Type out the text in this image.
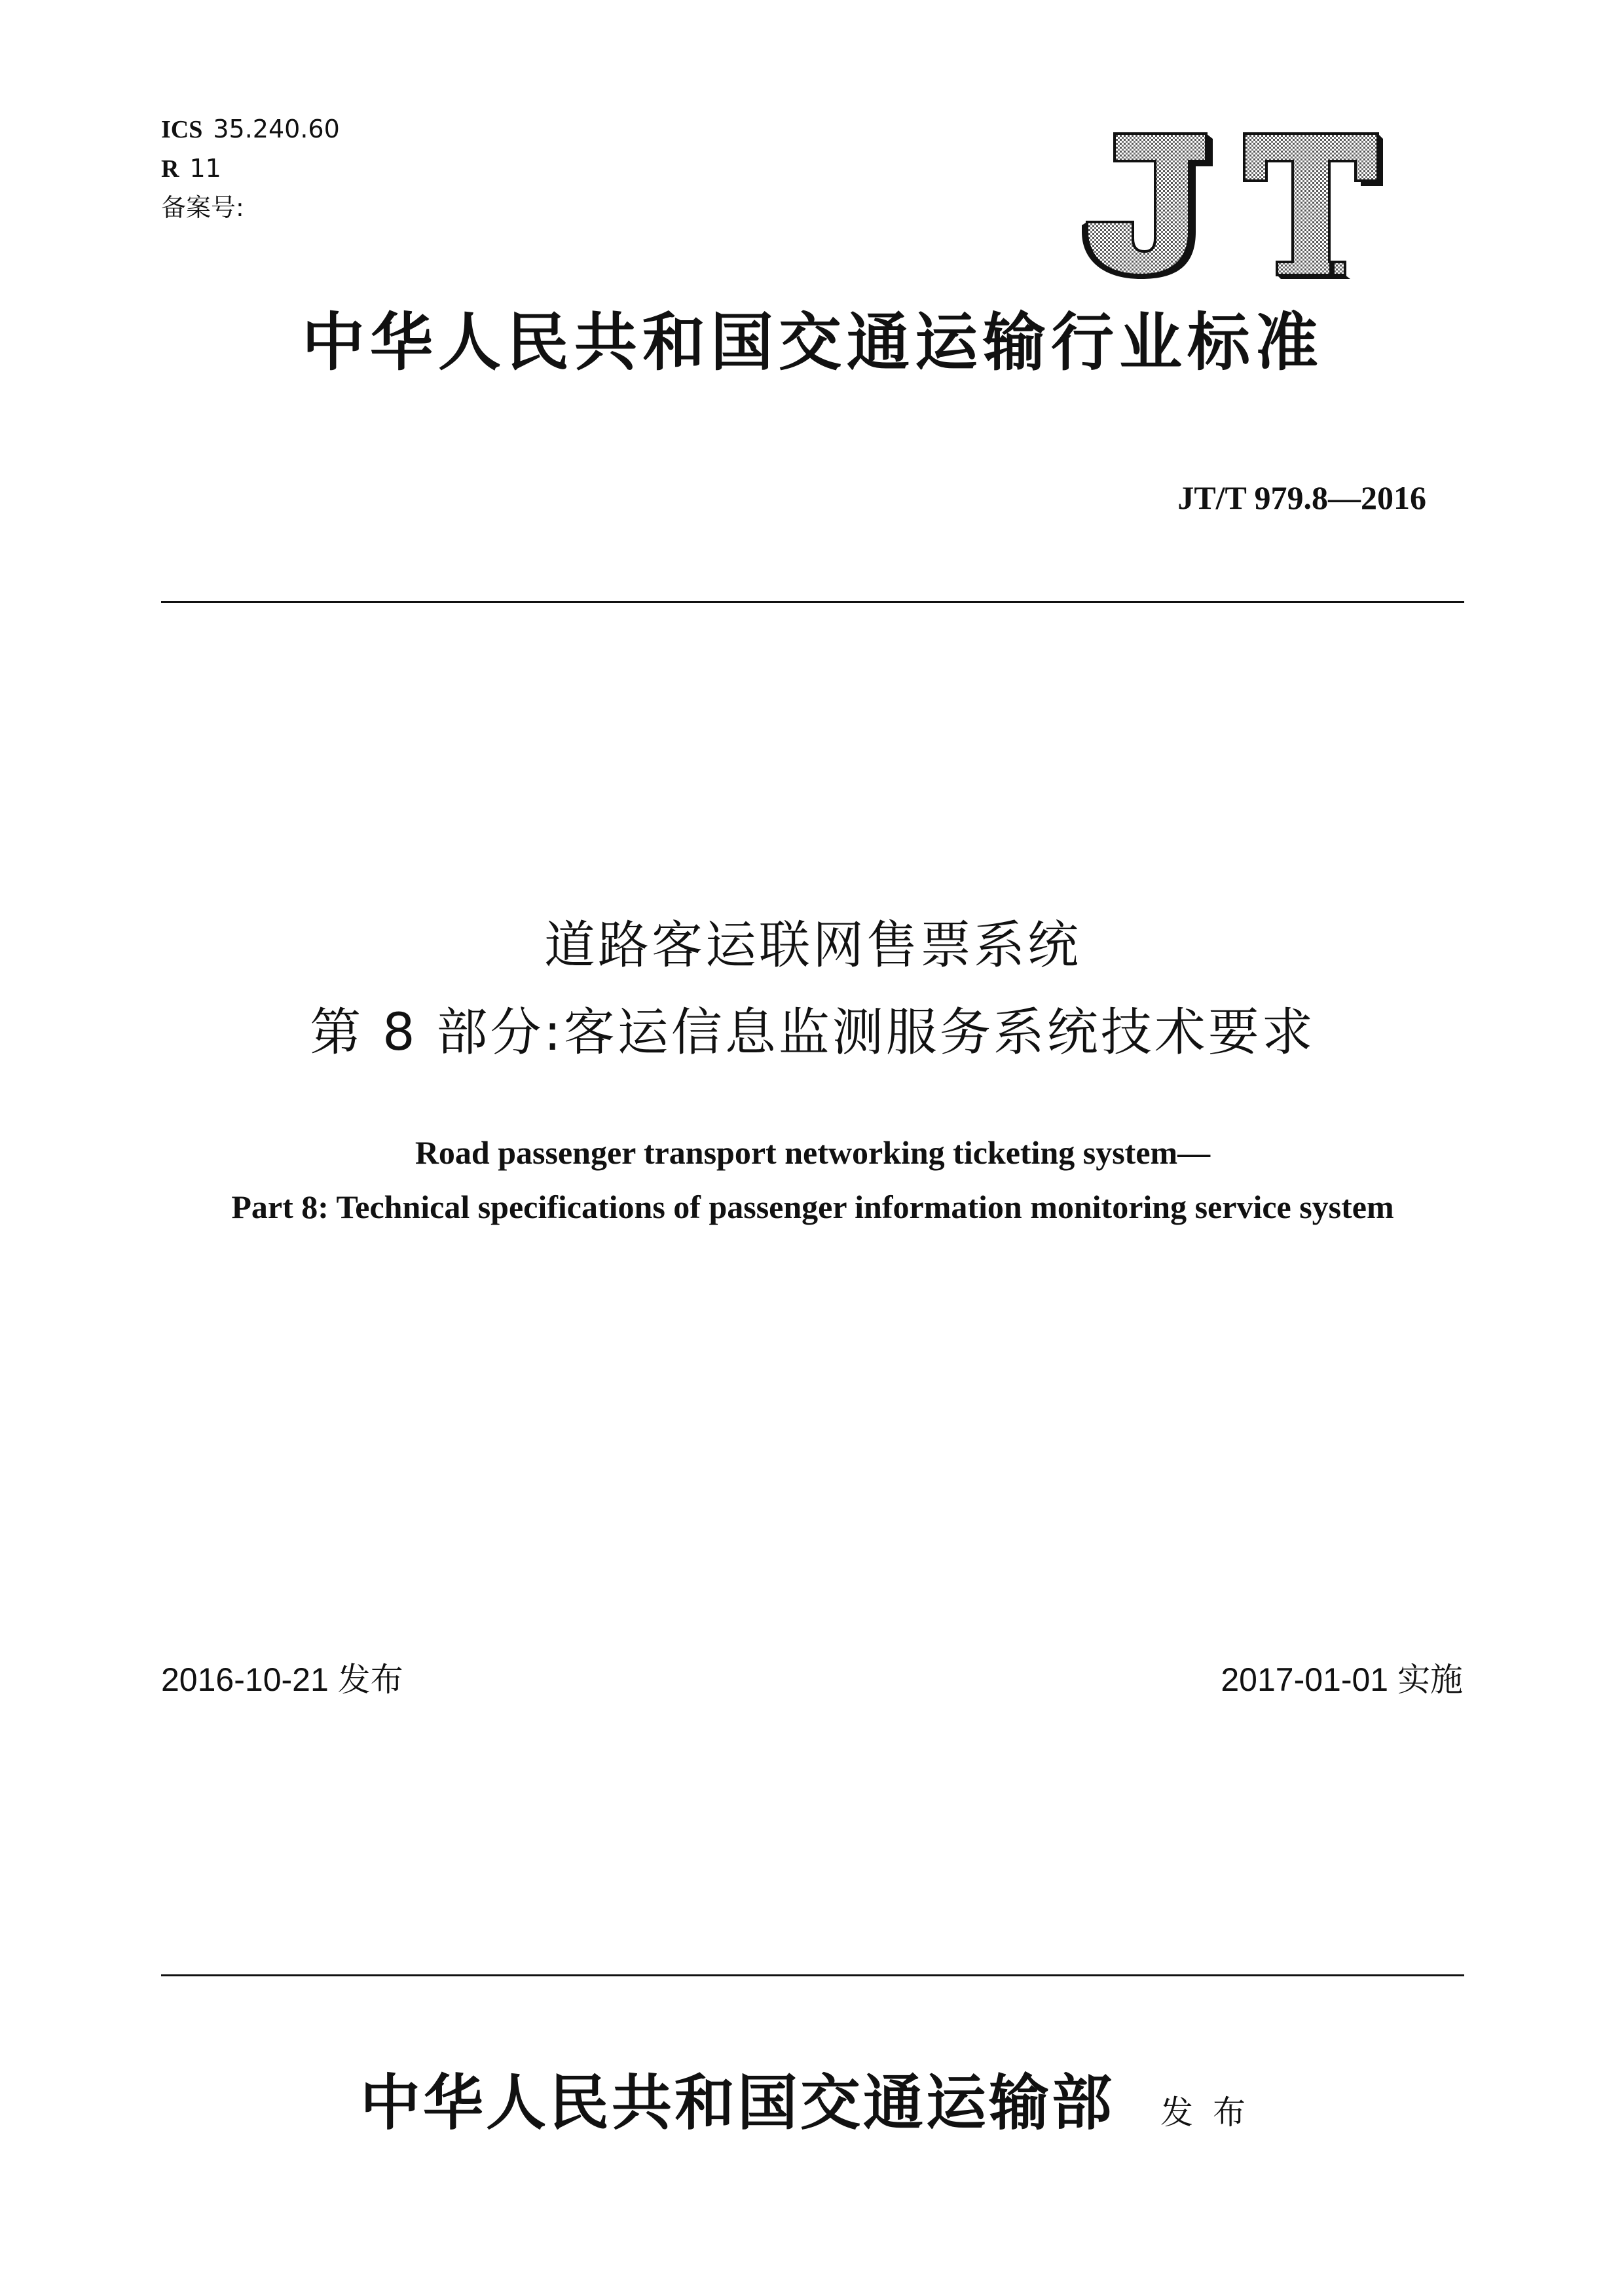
ICS 35.240.60
R 11
备案号:
中华人民共和国交通运输行业标准
JT/T 979.8—2016
道路客运联网售票系统
第 8 部分:客运信息监测服务系统技术要求
Road passenger transport networking ticketing system—
Part 8: Technical specifications of passenger information monitoring service system
2016-10-21 发布	2017-01-01 实施
中华人民共和国交通运输部 发布
